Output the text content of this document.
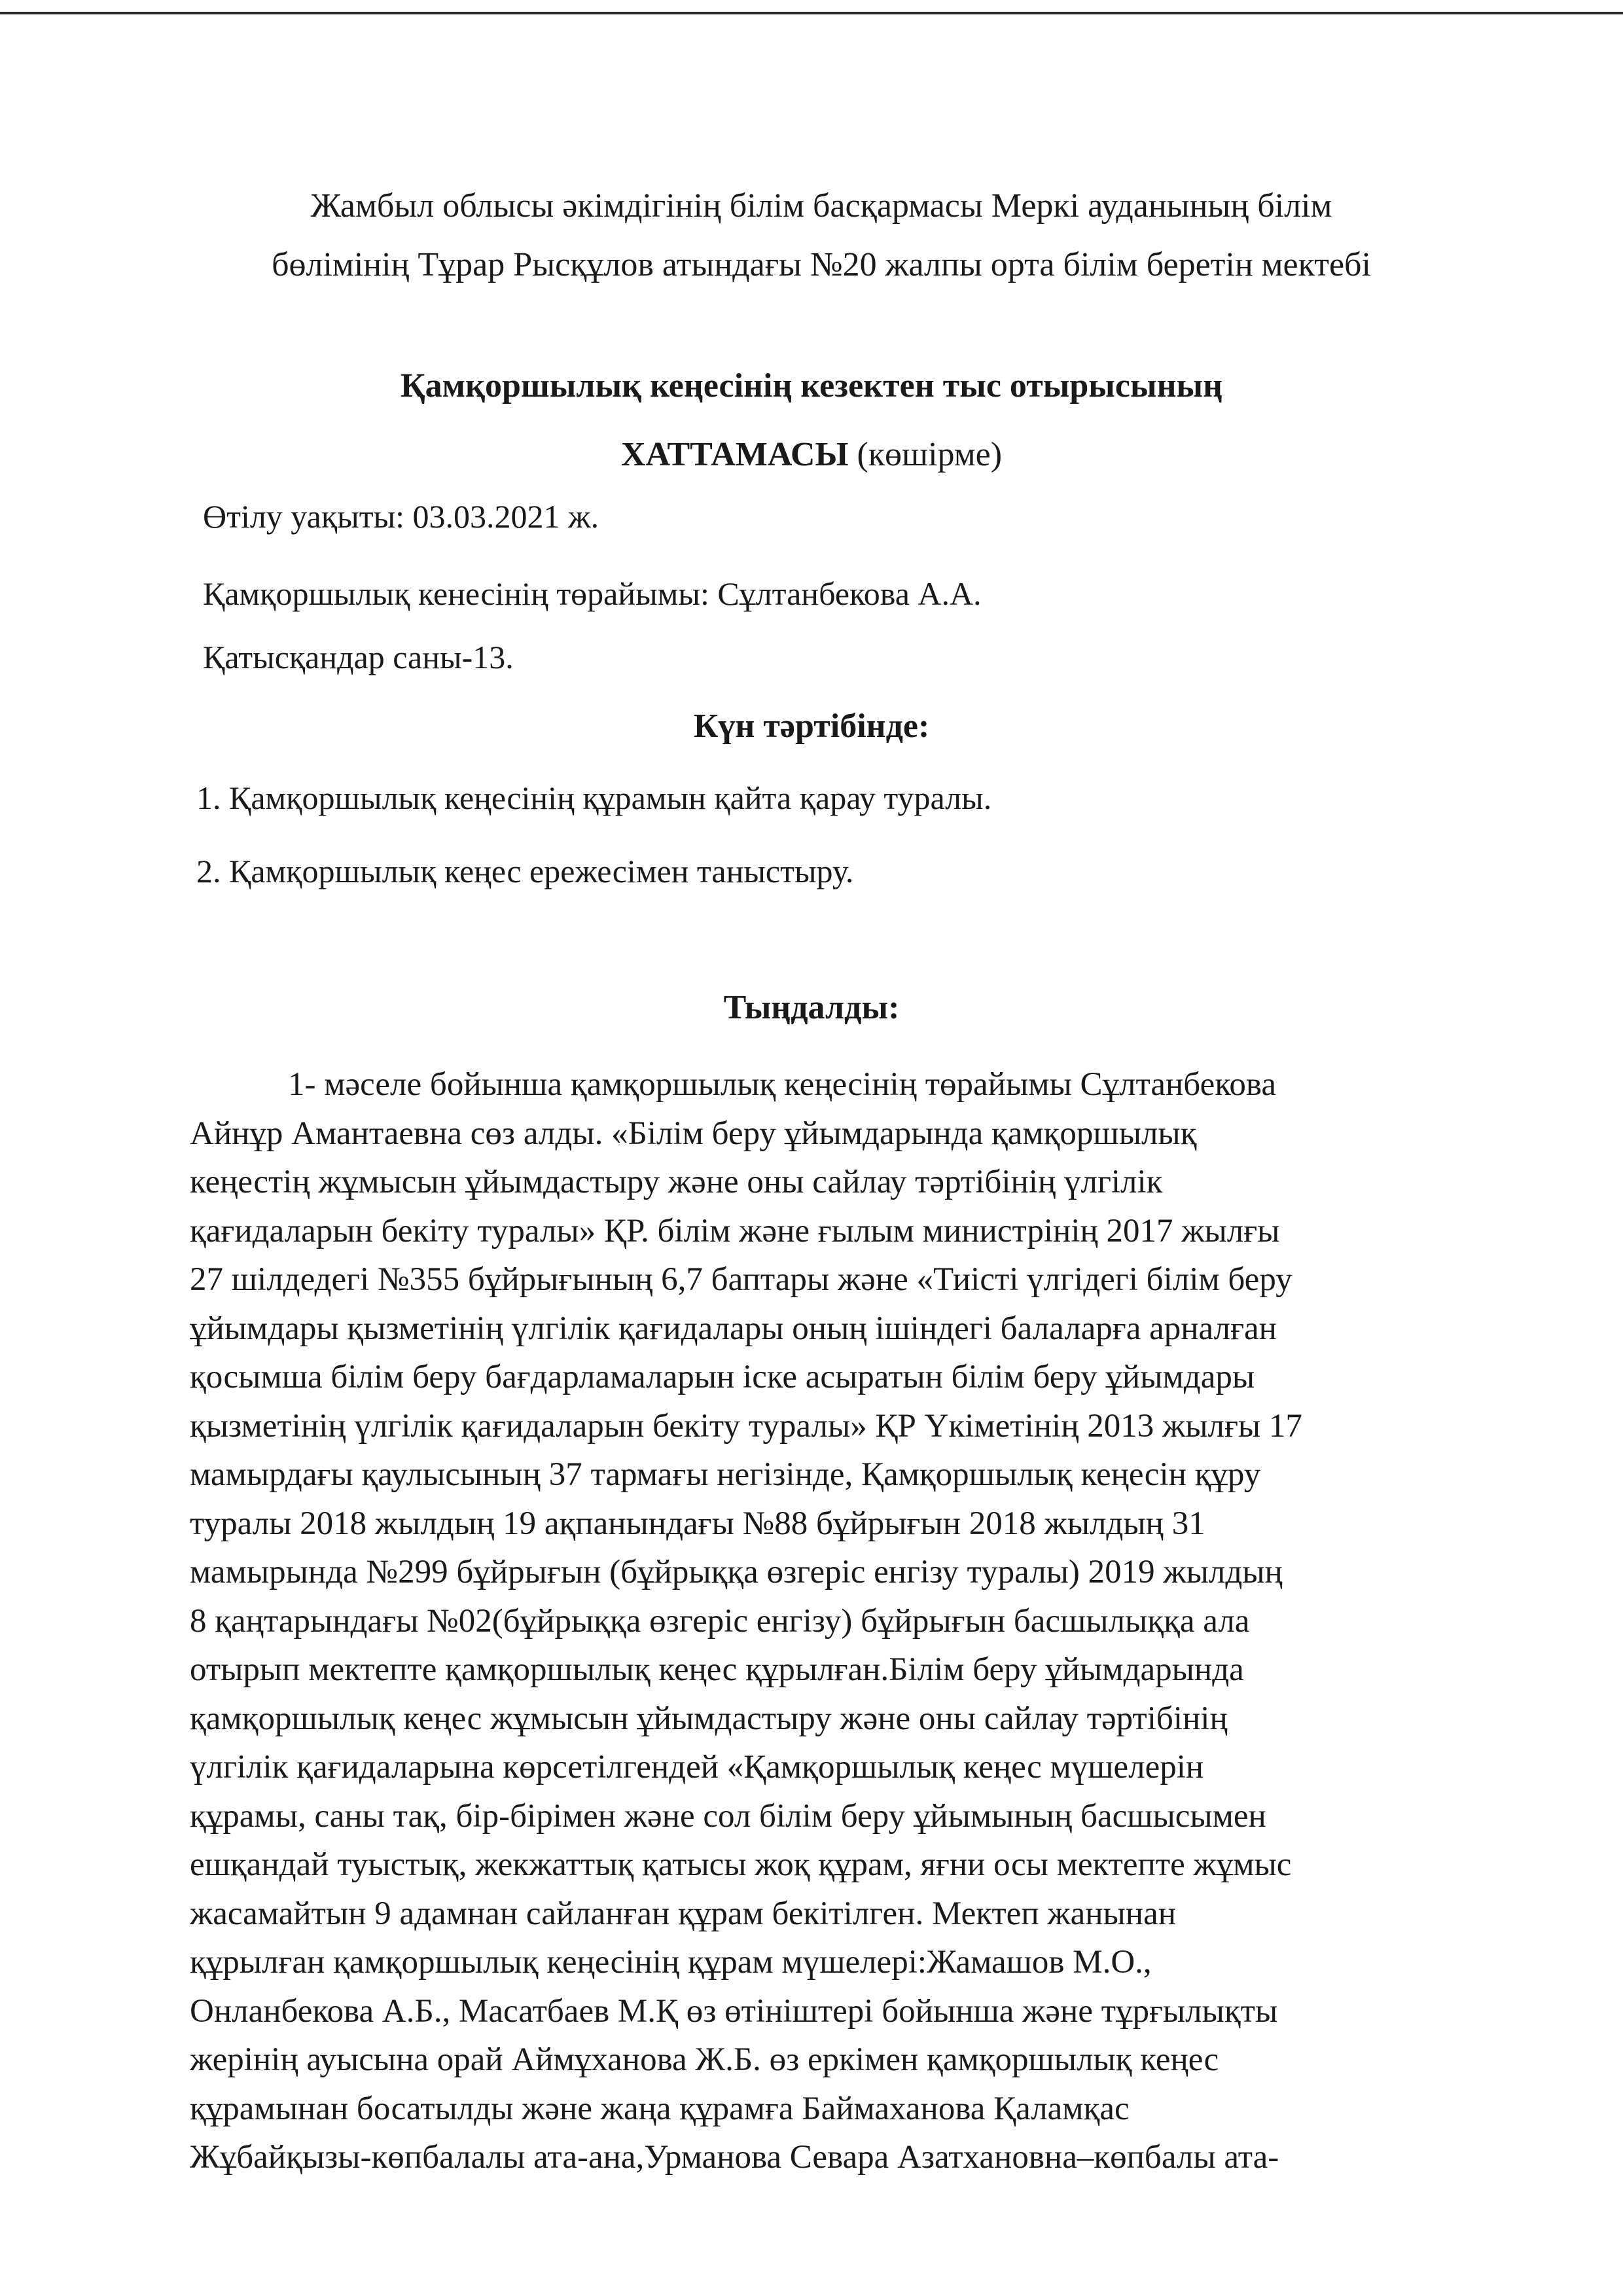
Жамбыл облысы әкімдігінің білім басқармасы Меркі ауданының білім
бөлімінің Тұрар Рысқұлов атындағы №20 жалпы орта білім беретін мектебі
Қамқоршылық кеңесінің кезектен тыс отырысының
ХАТТАМАСЫ (көшірме)
Өтілу уақыты: 03.03.2021 ж.
Қамқоршылық кенесінің төрайымы: Сұлтанбекова А.А.
Қатысқандар саны-13.
Күн тәртібінде:
1. Қамқоршылық кеңесінің құрамын қайта қарау туралы.
2. Қамқоршылық кеңес ережесімен таныстыру.
Тыңдалды:
1- мәселе бойынша қамқоршылық кеңесінің төрайымы Сұлтанбекова
Айнұр Амантаевна сөз алды. «Білім беру ұйымдарында қамқоршылық
кеңестің жұмысын ұйымдастыру және оны сайлау тәртібінің үлгілік
қағидаларын бекіту туралы» ҚР. білім және ғылым министрінің 2017 жылғы
27 шілдедегі №355 бұйрығының 6,7 баптары және «Тиісті үлгідегі білім беру
ұйымдары қызметінің үлгілік қағидалары оның ішіндегі балаларға арналған
қосымша білім беру бағдарламаларын іске асыратын білім беру ұйымдары
қызметінің үлгілік қағидаларын бекіту туралы» ҚР Үкіметінің 2013 жылғы 17
мамырдағы қаулысының 37 тармағы негізінде, Қамқоршылық кеңесін құру
туралы 2018 жылдың 19 ақпанындағы №88 бұйрығын 2018 жылдың 31
мамырында №299 бұйрығын (бұйрыққа өзгеріс енгізу туралы) 2019 жылдың
8 қаңтарындағы №02(бұйрыққа өзгеріс енгізу) бұйрығын басшылыққа ала
отырып мектепте қамқоршылық кеңес құрылған.Білім беру ұйымдарында
қамқоршылық кеңес жұмысын ұйымдастыру және оны сайлау тәртібінің
үлгілік қағидаларына көрсетілгендей «Қамқоршылық кеңес мүшелерін
құрамы, саны тақ, бір-бірімен және сол білім беру ұйымының басшысымен
ешқандай туыстық, жекжаттық қатысы жоқ құрам, яғни осы мектепте жұмыс
жасамайтын 9 адамнан сайланған құрам бекітілген. Мектеп жанынан
құрылған қамқоршылық кеңесінің құрам мүшелері:Жамашов М.О.,
Онланбекова А.Б., Масатбаев М.Қ өз өтініштері бойынша және тұрғылықты
жерінің ауысына орай Аймұханова Ж.Б. өз еркімен қамқоршылық кеңес
құрамынан босатылды және жаңа құрамға Баймаханова Қаламқас
Жұбайқызы-көпбалалы ата-ана,Урманова Севара Азатхановна–көпбалы ата-
